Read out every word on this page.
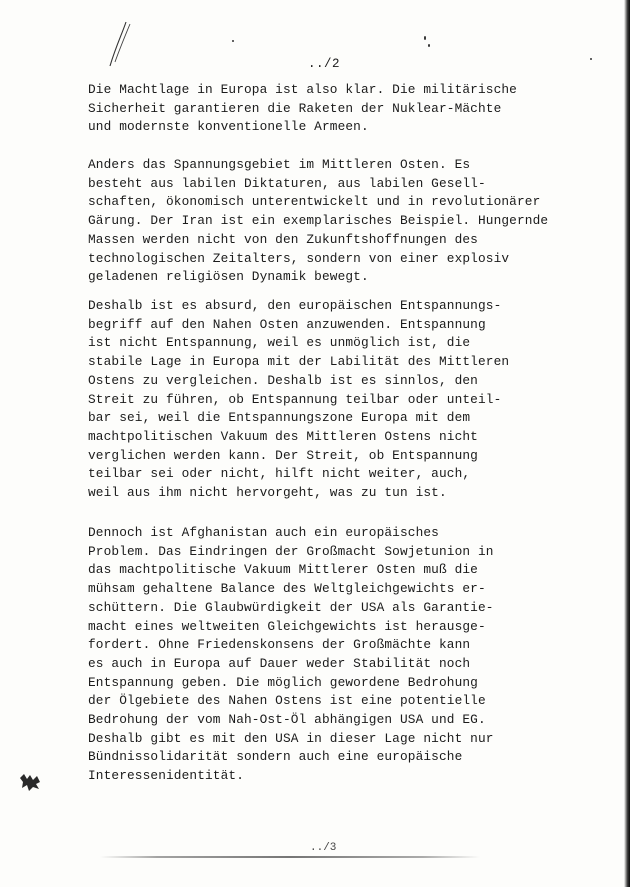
../2
Die Machtlage in Europa ist also klar. Die militärische
Sicherheit garantieren die Raketen der Nuklear-Mächte
und modernste konventionelle Armeen.
Anders das Spannungsgebiet im Mittleren Osten. Es
besteht aus labilen Diktaturen, aus labilen Gesell-
schaften, ökonomisch unterentwickelt und in revolutionärer
Gärung. Der Iran ist ein exemplarisches Beispiel. Hungernde
Massen werden nicht von den Zukunftshoffnungen des
technologischen Zeitalters, sondern von einer explosiv
geladenen religiösen Dynamik bewegt.
Deshalb ist es absurd, den europäischen Entspannungs-
begriff auf den Nahen Osten anzuwenden. Entspannung
ist nicht Entspannung, weil es unmöglich ist, die
stabile Lage in Europa mit der Labilität des Mittleren
Ostens zu vergleichen. Deshalb ist es sinnlos, den
Streit zu führen, ob Entspannung teilbar oder unteil-
bar sei, weil die Entspannungszone Europa mit dem
machtpolitischen Vakuum des Mittleren Ostens nicht
verglichen werden kann. Der Streit, ob Entspannung
teilbar sei oder nicht, hilft nicht weiter, auch,
weil aus ihm nicht hervorgeht, was zu tun ist.
Dennoch ist Afghanistan auch ein europäisches
Problem. Das Eindringen der Großmacht Sowjetunion in
das machtpolitische Vakuum Mittlerer Osten muß die
mühsam gehaltene Balance des Weltgleichgewichts er-
schüttern. Die Glaubwürdigkeit der USA als Garantie-
macht eines weltweiten Gleichgewichts ist herausge-
fordert. Ohne Friedenskonsens der Großmächte kann
es auch in Europa auf Dauer weder Stabilität noch
Entspannung geben. Die möglich gewordene Bedrohung
der Ölgebiete des Nahen Ostens ist eine potentielle
Bedrohung der vom Nah-Ost-Öl abhängigen USA und EG.
Deshalb gibt es mit den USA in dieser Lage nicht nur
Bündnissolidarität sondern auch eine europäische
Interessenidentität.
../3
